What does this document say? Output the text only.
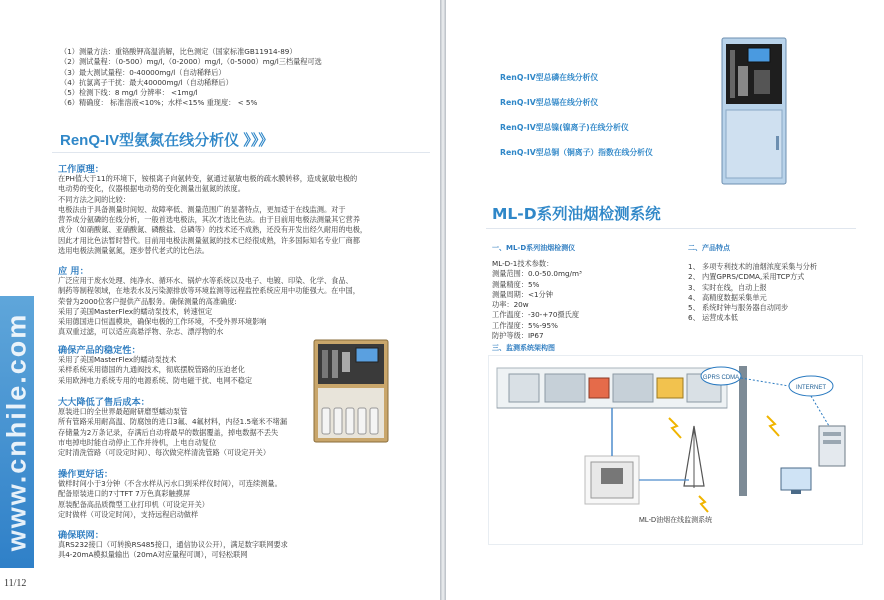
www.cnhile.com
11/12
（1）测量方法：重铬酸钾高温消解，比色测定（国家标准GB11914-89）
（2）测试量程：（0-500）mg/l,（0-2000）mg/l,（0-5000）mg/l三档量程可选
（3）最大测试量程：0-40000mg/l（自动稀释后）
（4）抗氯离子干扰：最大40000mg/l（自动稀释后）
（5）检测下线：8 mg/l 分辨率： <1mg/l
（6）精确度： 标准溶液<10%；水样<15% 重现度： < 5%
RenQ-IV型氨氮在线分析仪 》》》
工作原理：
在PH值大于11的环境下，铵根离子向氨转变，氨通过氨敏电极的疏水膜转移，造成氨敏电极的
电动势的变化，仪器根据电动势的变化测量出氨氮的浓度。
不同方法之间的比较：
电极法由于具备测量时间短、故障率低、测量范围广的显著特点，更加适于在线监测。对于
营养成分氨磷的在线分析，一般首选电极法，其次才选比色法。由于目前用电极法测量其它营养
成分（如硝酸氮、亚硝酸氮、磷酸盐、总磷等）的技术还不成熟，还没有开发出经久耐用的电极，
因此才用比色法暂时替代。目前用电极法测量氨氮的技术已经很成熟，许多国际知名专业厂商都
选用电极法测量氨氮，逐步替代老式的比色法。
应 用：
广泛应用于废水处理、纯净水、循环水、锅炉水等系统以及电子、电镀、印染、化学、食品、
制药等制程领域，在地表水及污染源排放等环境监测等远程监控系统应用中功能强大。在中国，
荣誉为2000位客户提供产品服务。确保测量的高准确度:
采用了美国MasterFlex的蠕动泵技术，转速恒定
采用德国进口恒温模块，确保电极的工作环境，不受外界环境影响
真双重过滤，可以适应高悬浮物、杂志、漂浮物的水
确保产品的稳定性：
采用了美国MasterFlex的蠕动泵技术
采样系统采用德国的九通阀技术，彻底摆脱管路的压迫老化
采用欧洲电力系统专用的电源系统、防电磁干扰、电网不稳定
大大降低了售后成本：
原装进口的全世界最超耐研磨型蠕动泵管
所有管路采用耐高温、防腐蚀的进口3氟、4氟材料，内径1.5毫米不堵漏
存储量为2万条记录，存满后自动将最早的数据覆盖，掉电数据不丢失
市电掉电时能自动停止工作并待机，上电自动复位
定时清洗管路（可设定时间）、每次做完样清洗管路（可设定开关）
操作更好话：
做样时间小于3分钟（不含水样从污水口到采样仪时间），可连续测量。
配备原装进口的7寸TFT 7万色真彩触摸屏
原装配备高品质微型工业打印机（可设定开关）
定时做样（可设定时间），支持远程启动做样
确保联网：
真RS232接口（可转换RS485接口，通信协议公开），满足数字联网要求
具4-20mA模拟量输出（20mA对应量程可调），可轻松联网
RenQ-IV型总磷在线分析仪
RenQ-IV型总镉在线分析仪
RenQ-IV型总镍(镍离子)在线分析仪
RenQ-IV型总铜（铜离子）指数在线分析仪
ML-D系列油烟检测系统
一、ML-D系列油烟检测仪
ML-D-1技术参数：
测量范围：0.0-50.0mg/m³
测量精度：5%
测量周期：<1分钟
功率：20w
工作温度：-30-+70摄氏度
工作湿度：5%-95%
防护等级：IP67
二、产品特点
1、 多项专利技术的油烟浓度采集与分析
2、 内置GPRS/CDMA,采用TCP方式
3、 实时在线，自动上报
4、 高精度数据采集单元
5、 系统时钟与服务器自动同步
6、 运营成本低
三、监测系统架构图
GPRS CDMA
INTERNET
ML-D油烟在线监测系统
